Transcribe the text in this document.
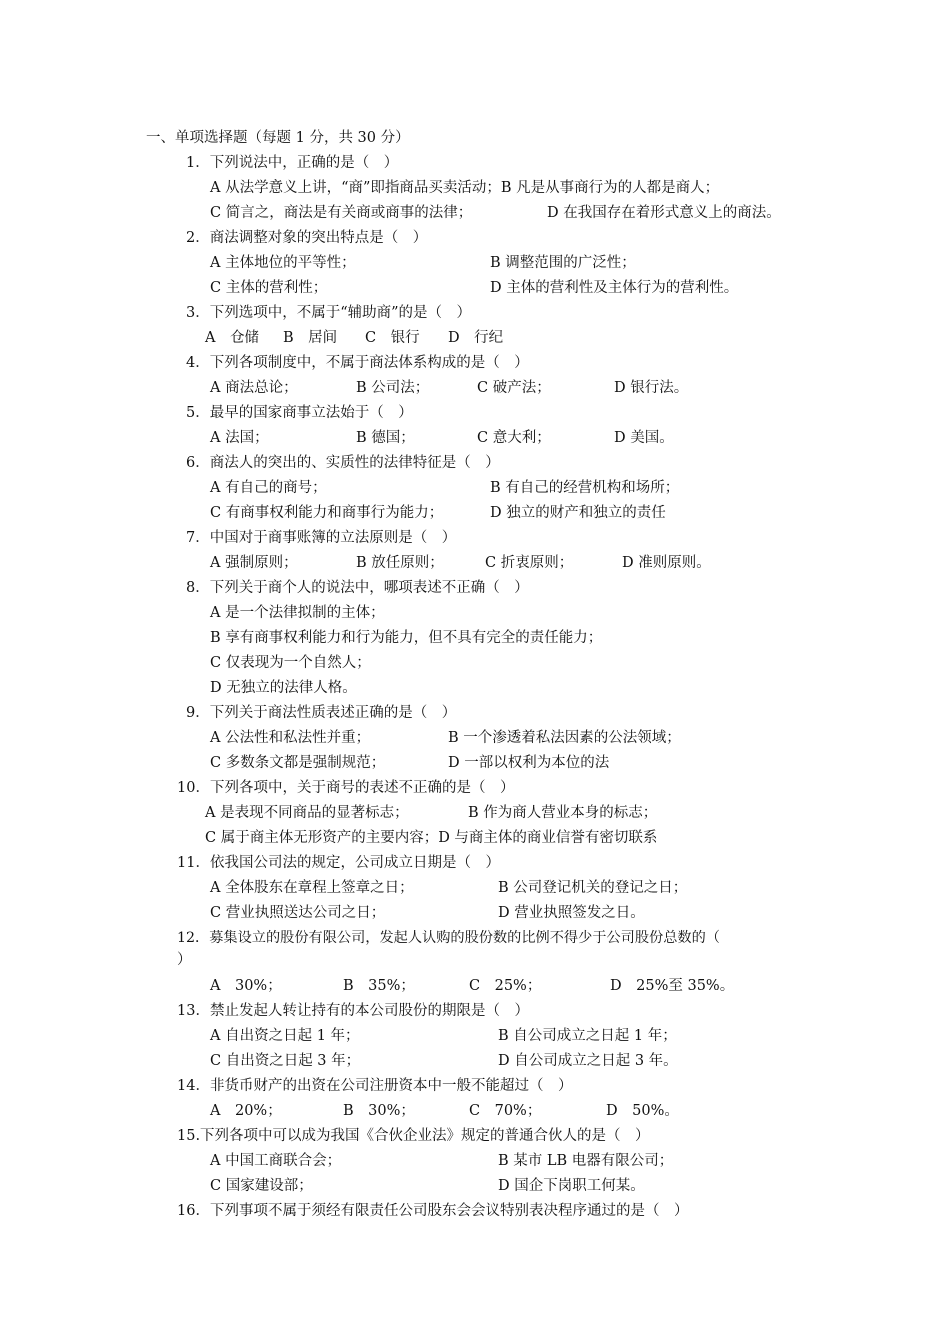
一、单项选择题（每题 1 分，共 30 分）
1．下列说法中，正确的是（　）
A 从法学意义上讲，“商”即指商品买卖活动；B 凡是从事商行为的人都是商人；
C 简言之，商法是有关商或商事的法律；	D 在我国存在着形式意义上的商法。
2．商法调整对象的突出特点是（　）
A 主体地位的平等性；	B 调整范围的广泛性；
C 主体的营利性；	D 主体的营利性及主体行为的营利性。
3．下列选项中，不属于“辅助商”的是（　）
A　仓储 B　居间 C　银行 D　行纪
4．下列各项制度中，不属于商法体系构成的是（　）
A 商法总论；	B 公司法；	C 破产法；	D 银行法。
5．最早的国家商事立法始于（　）
A 法国；	B 德国；	C 意大利；	D 美国。
6．商法人的突出的、实质性的法律特征是（　）
A 有自己的商号；	B 有自己的经营机构和场所；
C 有商事权利能力和商事行为能力；	D 独立的财产和独立的责任
7．中国对于商事账簿的立法原则是（　）
A 强制原则；	B 放任原则；	C 折衷原则；	D 准则原则。
8．下列关于商个人的说法中，哪项表述不正确（　）
A 是一个法律拟制的主体；
B 享有商事权利能力和行为能力，但不具有完全的责任能力；
C 仅表现为一个自然人；
D 无独立的法律人格。
9．下列关于商法性质表述正确的是（　）
A 公法性和私法性并重；	B 一个渗透着私法因素的公法领域；
C 多数条文都是强制规范；	D 一部以权利为本位的法
10．下列各项中，关于商号的表述不正确的是（　）
A 是表现不同商品的显著标志；	B 作为商人营业本身的标志；
C 属于商主体无形资产的主要内容；D 与商主体的商业信誉有密切联系
11．依我国公司法的规定，公司成立日期是（　）
A 全体股东在章程上签章之日；	B 公司登记机关的登记之日；
C 营业执照送达公司之日；	D 营业执照签发之日。
12．募集设立的股份有限公司，发起人认购的股份数的比例不得少于公司股份总数的（
）
A　30%；	B　35%；	C　25%；	D　25%至 35%。
13．禁止发起人转让持有的本公司股份的期限是（　）
A 自出资之日起 1 年；	B 自公司成立之日起 1 年；
C 自出资之日起 3 年；	D 自公司成立之日起 3 年。
14．非货币财产的出资在公司注册资本中一般不能超过（　）
A　20%；	B　30%；	C　70%；	D　50%。
15.下列各项中可以成为我国《合伙企业法》规定的普通合伙人的是（　）
A 中国工商联合会；	B 某市 LB 电器有限公司；
C 国家建设部；	D 国企下岗职工何某。
16．下列事项不属于须经有限责任公司股东会会议特别表决程序通过的是（　）
